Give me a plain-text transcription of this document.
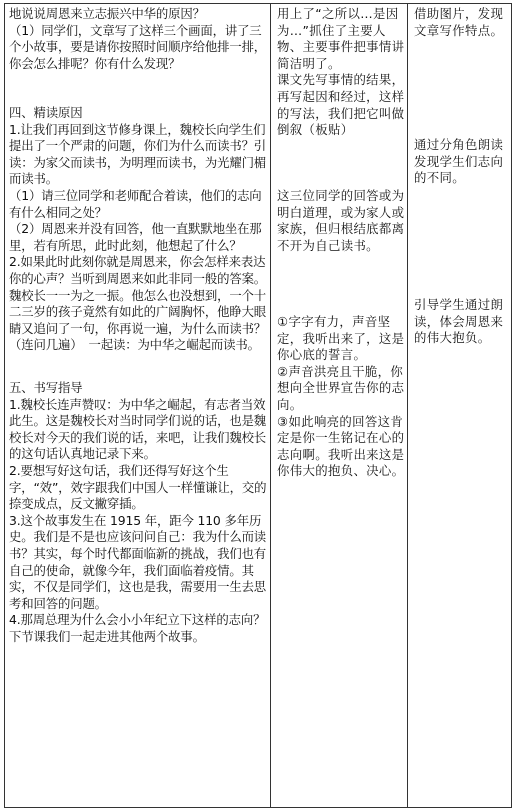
地说说周恩来立志振兴中华的原因？
（1）同学们，文章写了这样三个画面，讲了三个小故事，要是请你按照时间顺序给他排一排，你会怎么排呢？你有什么发现？

四、精读原因
1.让我们再回到这节修身课上，魏校长向学生们提出了一个严肃的问题，你们为什么而读书？引读：为家父而读书，为明理而读书，为光耀门楣而读书。
（1）请三位同学和老师配合着读，他们的志向有什么相同之处？
（2）周恩来并没有回答，他一直默默地坐在那里，若有所思，此时此刻，他想起了什么？
2.如果此时此刻你就是周恩来，你会怎样来表达你的心声？当听到周恩来如此非同一般的答案。魏校长一一为之一振。他怎么也没想到，一个十二三岁的孩子竟然有如此的广阔胸怀，他睁大眼睛又追问了一句，你再说一遍，为什么而读书？（连问几遍）　一起读：为中华之崛起而读书。

五、书写指导
1.魏校长连声赞叹：为中华之崛起，有志者当效此生。这是魏校长对当时同学们说的话，也是魏校长对今天的我们说的话，来吧，让我们魏校长的这句话认真地记录下来。
2.要想写好这句话，我们还得写好这个生字，“效”，效字跟我们中国人一样懂谦让，交的捺变成点，反文撇穿插。
3.这个故事发生在 1915 年，距今 110 多年历史。我们是不是也应该问问自己：我为什么而读书？其实，每个时代都面临新的挑战，我们也有自己的使命，就像今年，我们面临着疫情。其实，不仅是同学们，这也是我，需要用一生去思考和回答的问题。
4.那周总理为什么会小小年纪立下这样的志向？下节课我们一起走进其他两个故事。

用上了“之所以…是因为…”抓住了主要人物、主要事件把事情讲简洁明了。
课文先写事情的结果，再写起因和经过，这样的写法，我们把它叫做倒叙（板贴）

这三位同学的回答或为明白道理，或为家人或家族，但归根结底都离不开为自己读书。

①字字有力，声音坚定，我听出来了，这是你心底的誓言。
②声音洪亮且干脆，你想向全世界宣告你的志向。
③如此响亮的回答这肯定是你一生铭记在心的志向啊。我听出来这是你伟大的抱负、决心。

借助图片，发现文章写作特点。

通过分角色朗读发现学生们志向的不同。

引导学生通过朗读，体会周恩来的伟大抱负。
